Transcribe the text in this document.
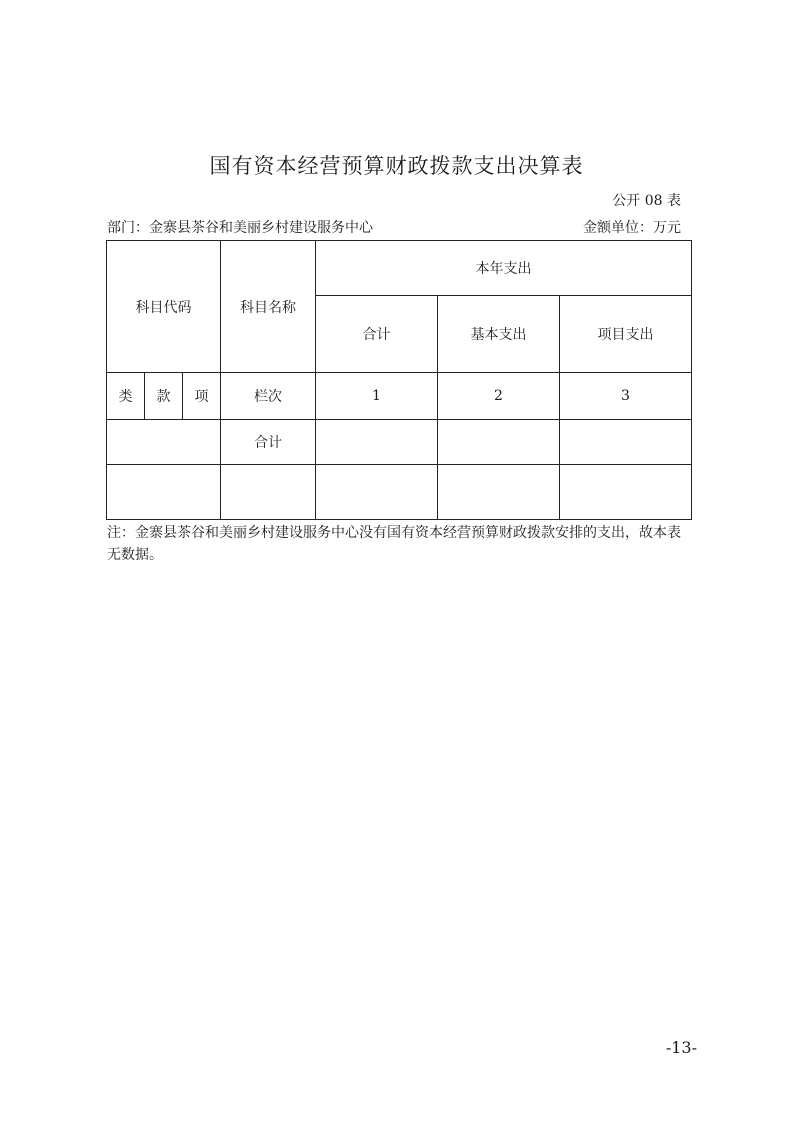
国有资本经营预算财政拨款支出决算表
公开 08 表
部门：金寨县茶谷和美丽乡村建设服务中心	金额单位：万元
科目代码			科目名称	本年支出		
				合计	基本支出	项目支出
类	款	项	栏次	1	2	3
			合计			

注：金寨县茶谷和美丽乡村建设服务中心没有国有资本经营预算财政拨款安排的支出，故本表无数据。
-13-
